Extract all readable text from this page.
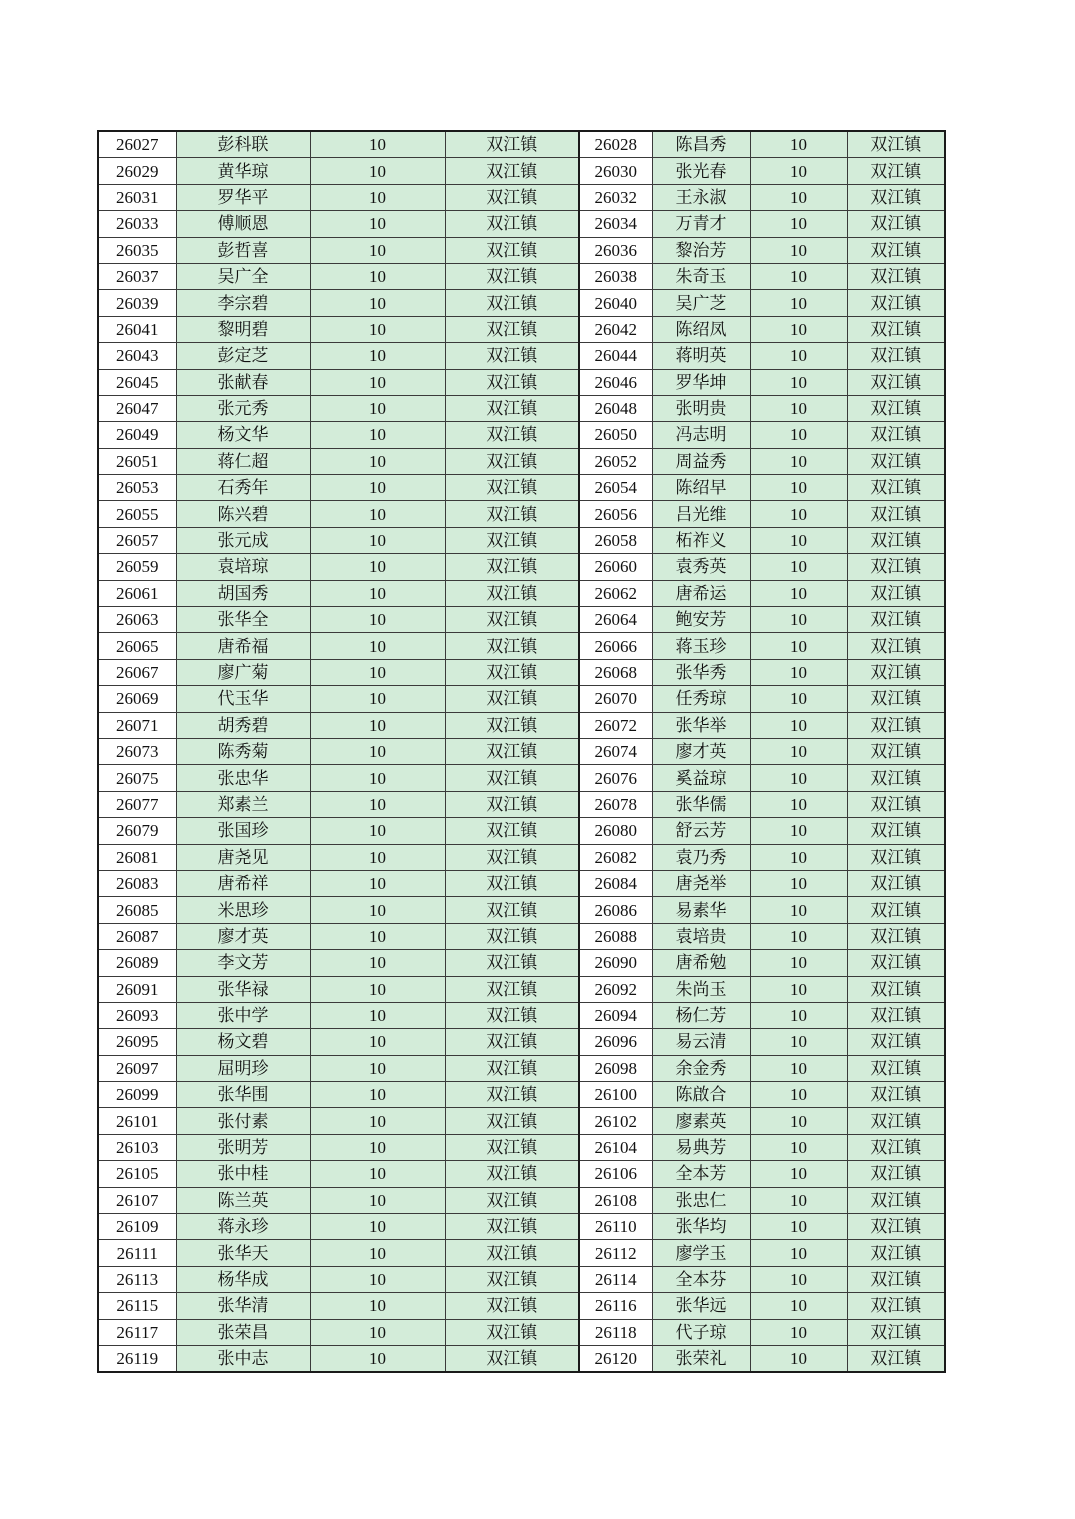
26027	彭科联	10	双江镇	26028	陈昌秀	10	双江镇
26029	黄华琼	10	双江镇	26030	张光春	10	双江镇
26031	罗华平	10	双江镇	26032	王永淑	10	双江镇
26033	傅顺恩	10	双江镇	26034	万青才	10	双江镇
26035	彭哲喜	10	双江镇	26036	黎治芳	10	双江镇
26037	吴广全	10	双江镇	26038	朱奇玉	10	双江镇
26039	李宗碧	10	双江镇	26040	吴广芝	10	双江镇
26041	黎明碧	10	双江镇	26042	陈绍凤	10	双江镇
26043	彭定芝	10	双江镇	26044	蒋明英	10	双江镇
26045	张献春	10	双江镇	26046	罗华坤	10	双江镇
26047	张元秀	10	双江镇	26048	张明贵	10	双江镇
26049	杨文华	10	双江镇	26050	冯志明	10	双江镇
26051	蒋仁超	10	双江镇	26052	周益秀	10	双江镇
26053	石秀年	10	双江镇	26054	陈绍早	10	双江镇
26055	陈兴碧	10	双江镇	26056	吕光维	10	双江镇
26057	张元成	10	双江镇	26058	柘祚义	10	双江镇
26059	袁培琼	10	双江镇	26060	袁秀英	10	双江镇
26061	胡国秀	10	双江镇	26062	唐希运	10	双江镇
26063	张华全	10	双江镇	26064	鲍安芳	10	双江镇
26065	唐希福	10	双江镇	26066	蒋玉珍	10	双江镇
26067	廖广菊	10	双江镇	26068	张华秀	10	双江镇
26069	代玉华	10	双江镇	26070	任秀琼	10	双江镇
26071	胡秀碧	10	双江镇	26072	张华举	10	双江镇
26073	陈秀菊	10	双江镇	26074	廖才英	10	双江镇
26075	张忠华	10	双江镇	26076	奚益琼	10	双江镇
26077	郑素兰	10	双江镇	26078	张华儒	10	双江镇
26079	张国珍	10	双江镇	26080	舒云芳	10	双江镇
26081	唐尧见	10	双江镇	26082	袁乃秀	10	双江镇
26083	唐希祥	10	双江镇	26084	唐尧举	10	双江镇
26085	米思珍	10	双江镇	26086	易素华	10	双江镇
26087	廖才英	10	双江镇	26088	袁培贵	10	双江镇
26089	李文芳	10	双江镇	26090	唐希勉	10	双江镇
26091	张华禄	10	双江镇	26092	朱尚玉	10	双江镇
26093	张中学	10	双江镇	26094	杨仁芳	10	双江镇
26095	杨文碧	10	双江镇	26096	易云清	10	双江镇
26097	屈明珍	10	双江镇	26098	余金秀	10	双江镇
26099	张华围	10	双江镇	26100	陈啟合	10	双江镇
26101	张付素	10	双江镇	26102	廖素英	10	双江镇
26103	张明芳	10	双江镇	26104	易典芳	10	双江镇
26105	张中桂	10	双江镇	26106	全本芳	10	双江镇
26107	陈兰英	10	双江镇	26108	张忠仁	10	双江镇
26109	蒋永珍	10	双江镇	26110	张华均	10	双江镇
26111	张华天	10	双江镇	26112	廖学玉	10	双江镇
26113	杨华成	10	双江镇	26114	全本芬	10	双江镇
26115	张华清	10	双江镇	26116	张华远	10	双江镇
26117	张荣昌	10	双江镇	26118	代子琼	10	双江镇
26119	张中志	10	双江镇	26120	张荣礼	10	双江镇
